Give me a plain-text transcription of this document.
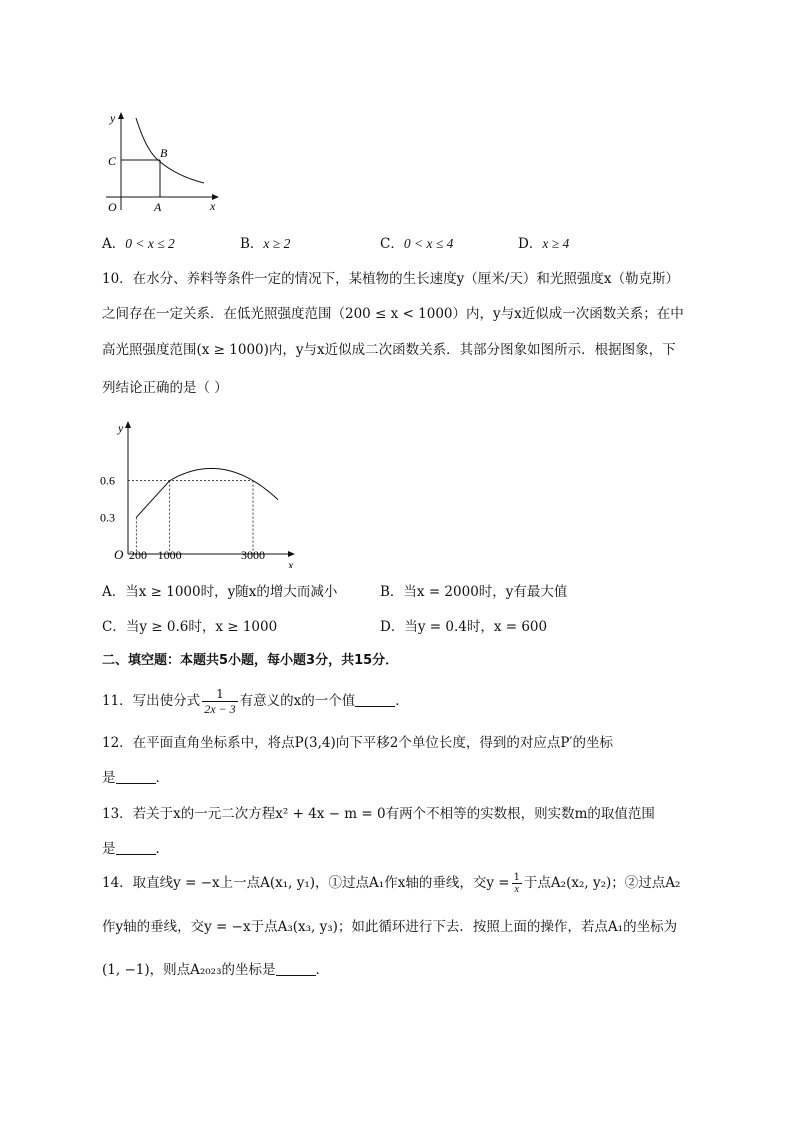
y
x
O
C
B
A
A．0 < x ≤ 2	B．x ≥ 2	C．0 < x ≤ 4	D．x ≥ 4
10．在水分、养料等条件一定的情况下，某植物的生长速度y（厘米/天）和光照强度x（勒克斯）
之间存在一定关系．在低光照强度范围（200 ≤ x < 1000）内，y与x近似成一次函数关系；在中
高光照强度范围(x ≥ 1000)内，y与x近似成二次函数关系．其部分图象如图所示．根据图象，下
列结论正确的是（ ）
y
x
O
0.3
0.6
200 1000	3000
A．当x ≥ 1000时，y随x的增大而减小	B．当x = 2000时，y有最大值
C．当y ≥ 0.6时，x ≥ 1000	D．当y = 0.4时，x = 600
二、填空题：本题共5小题，每小题3分，共15分．
11．写出使分式 $\frac{1}{2x - 3}$ 有意义的x的一个值	．
12．在平面直角坐标系中，将点P(3,4)向下平移2个单位长度，得到的对应点P′的坐标
是	．
13．若关于x的一元二次方程x² + 4x − m = 0有两个不相等的实数根，则实数m的取值范围
是	．
14．取直线y = −x上一点A(x₁, y₁)，①过点A₁作x轴的垂线，交$y = \frac{1}{x}$ 于点A₂(x₂, y₂)；②过点A₂
作y轴的垂线，交y = −x于点A₃(x₃, y₃)；如此循环进行下去．按照上面的操作，若点A₁的坐标为
(1, −1)，则点A₂₀₂₃的坐标是	．
